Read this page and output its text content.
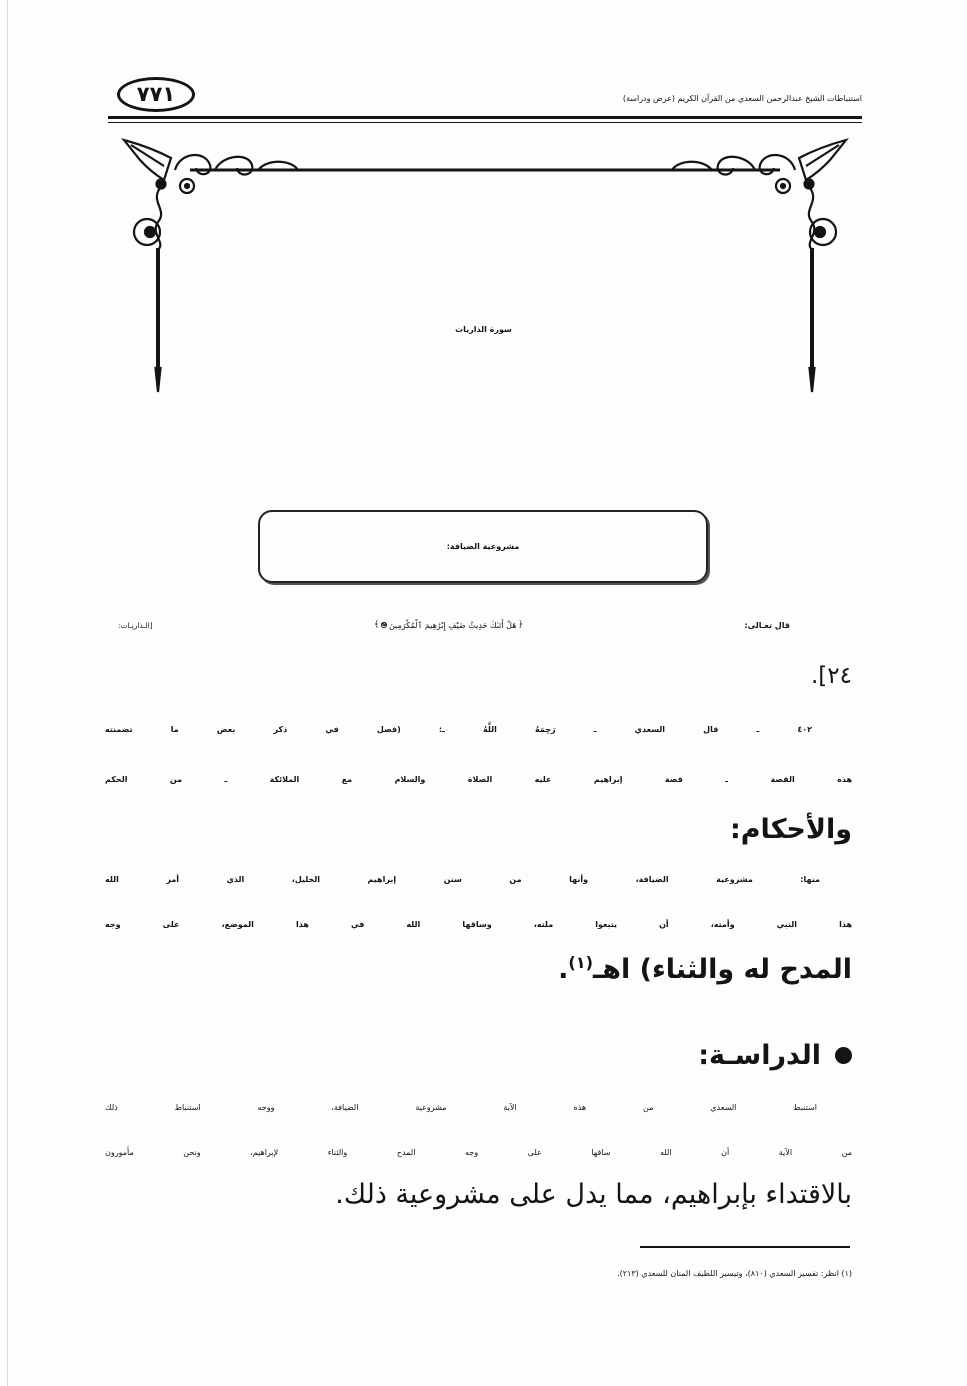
استنباطات الشيخ عبدالرحمن السعدي من القرآن الكريم (عرض ودراسة)
٧٧١
سورة الذاريات
مشروعية الضيافة:
قال تعـالى:
﴿
هَلْ أَتَىٰكَ حَدِيثُ ضَيْفِ إِبْرَٰهِيمَ ٱلْمُكْرَمِينَ
٢٤
﴾
[الـذاريـات:
٢٤].
٤٠٢ ـ قال السعدي ـ رَحِمَهُ اللَّهُ ـ: (فصل في ذكر بعض ما تضمنته
هذه القصة ـ قصة إبراهيم عليه الصلاة والسلام مع الملائكة ـ من الحكم
والأحكام:
منها: مشروعية الضيافة، وأنها من سنن إبراهيم الخليل، الذي أمر الله
هذا النبي وأمته، أن يتبعوا ملته، وساقها الله في هذا الموضع، على وجه
المدح له والثناء) اهـ$^{(١)}$.
الدراسـة:
استنبط السعدي من هذه الآية مشروعية الضيافة، ووجه استنباط ذلك
من الآية أن الله ساقها على وجه المدح والثناء لإبراهيم، ونحن مأمورون
بالاقتداء بإبراهيم، مما يدل على مشروعية ذلك.
(١) انظر: تفسير السعدي (٨١٠)، وتيسير اللطيف المنان للسعدي (٢١٣).
